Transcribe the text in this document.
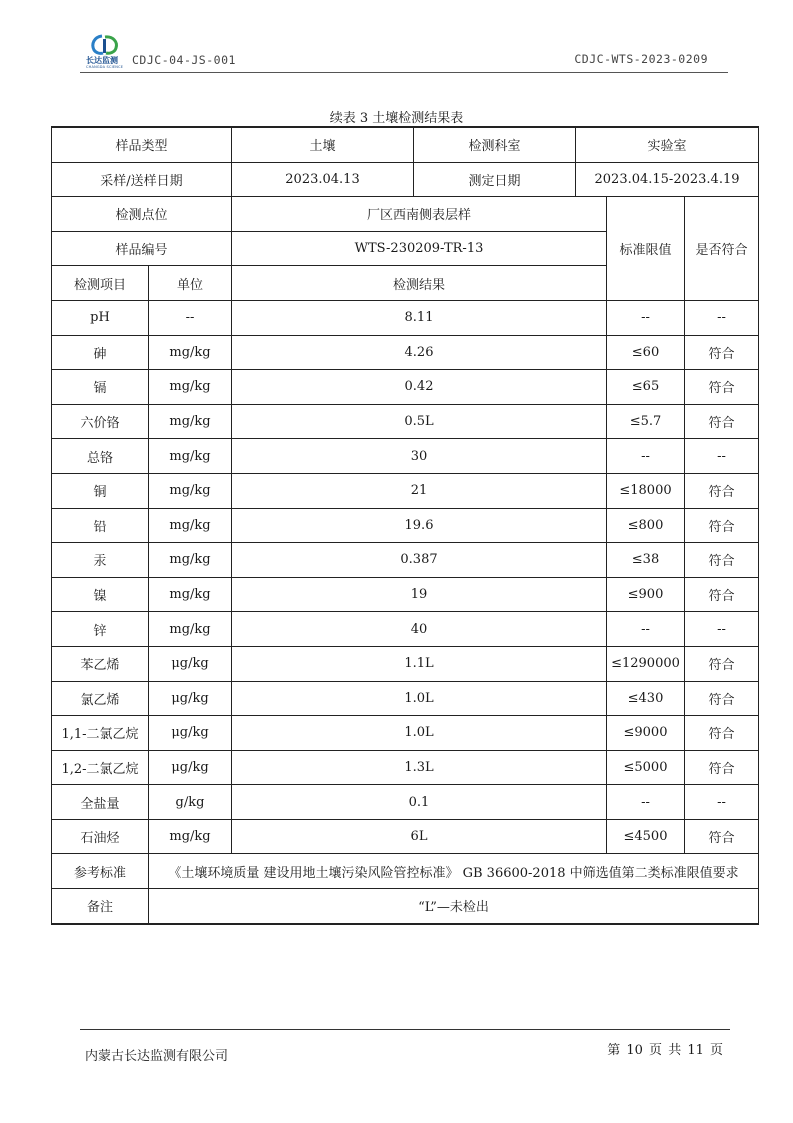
长达监测
CHANGDA SCIENCE CDJC-04-JS-001	CDJC-WTS-2023-0209
续表 3 土壤检测结果表

样品类型		土壤	检测科室	实验室		
采样/送样日期		2023.04.13	测定日期	2023.04.15-2023.4.19		
检测点位		厂区西南侧表层样			标准限值	是否符合
样品编号		WTS-230209-TR-13				
检测项目	单位	检测结果				
pH	--	8.11			--	--
砷	mg/kg	4.26			≤60	符合
镉	mg/kg	0.42			≤65	符合
六价铬	mg/kg	0.5L			≤5.7	符合
总铬	mg/kg	30			--	--
铜	mg/kg	21			≤18000	符合
铅	mg/kg	19.6			≤800	符合
汞	mg/kg	0.387			≤38	符合
镍	mg/kg	19			≤900	符合
锌	mg/kg	40			--	--
苯乙烯	μg/kg	1.1L			≤1290000	符合
氯乙烯	μg/kg	1.0L			≤430	符合
1,1-二氯乙烷	μg/kg	1.0L			≤9000	符合
1,2-二氯乙烷	μg/kg	1.3L			≤5000	符合
全盐量	g/kg	0.1			--	--
石油烃	mg/kg	6L			≤4500	符合
参考标准	《土壤环境质量 建设用地土壤污染风险管控标准》 GB 36600-2018 中筛选值第二类标准限值要求					
备注	“L”—未检出					
内蒙古长达监测有限公司	第 10 页 共 11 页
